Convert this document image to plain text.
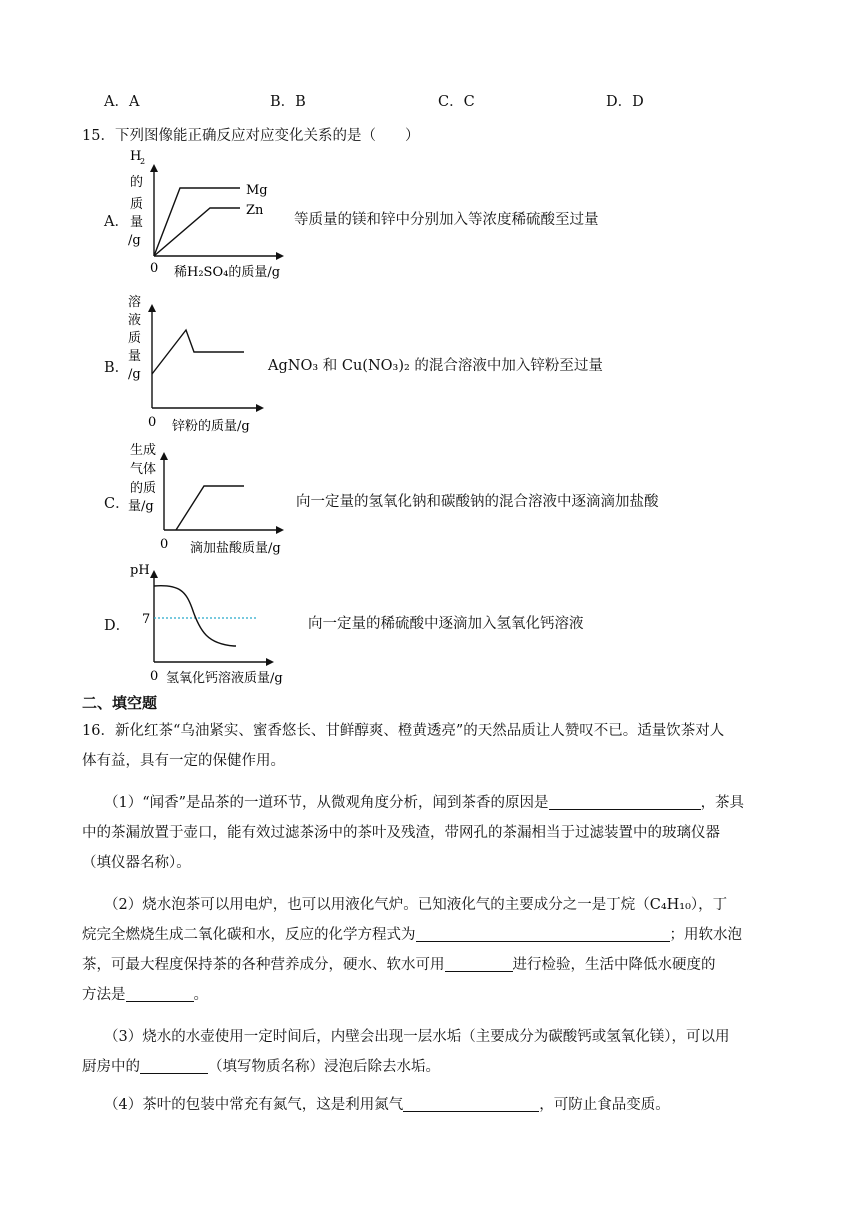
A．A	B．B	C．C	D．D
15．下列图像能正确反应对应变化关系的是（　　）
A．
H
2
的
质
量
/g
Mg
Zn
0 稀H₂SO₄的质量/g
等质量的镁和锌中分别加入等浓度稀硫酸至过量
B．
溶
液
质
量
/g
0 锌粉的质量/g
AgNO₃ 和 Cu(NO₃)₂ 的混合溶液中加入锌粉至过量
C．
生成
气体
的质
量/g
0 滴加盐酸质量/g
向一定量的氢氧化钠和碳酸钠的混合溶液中逐滴滴加盐酸
D．
pH
7
0 氢氧化钙溶液质量/g
向一定量的稀硫酸中逐滴加入氢氧化钙溶液
二、填空题
16．新化红茶“乌油紧实、蜜香悠长、甘鲜醇爽、橙黄透亮”的天然品质让人赞叹不已。适量饮茶对人
体有益，具有一定的保健作用。
（1）“闻香”是品茶的一道环节，从微观角度分析，闻到茶香的原因是	，茶具
中的茶漏放置于壶口，能有效过滤茶汤中的茶叶及残渣，带网孔的茶漏相当于过滤装置中的玻璃仪器
（填仪器名称）。
（2）烧水泡茶可以用电炉，也可以用液化气炉。已知液化气的主要成分之一是丁烷（C₄H₁₀），丁
烷完全燃烧生成二氧化碳和水，反应的化学方程式为	；用软水泡
茶，可最大程度保持茶的各种营养成分，硬水、软水可用	进行检验，生活中降低水硬度的
方法是	。
（3）烧水的水壶使用一定时间后，内壁会出现一层水垢（主要成分为碳酸钙或氢氧化镁），可以用
厨房中的	（填写物质名称）浸泡后除去水垢。
（4）茶叶的包装中常充有氮气，这是利用氮气	，可防止食品变质。
